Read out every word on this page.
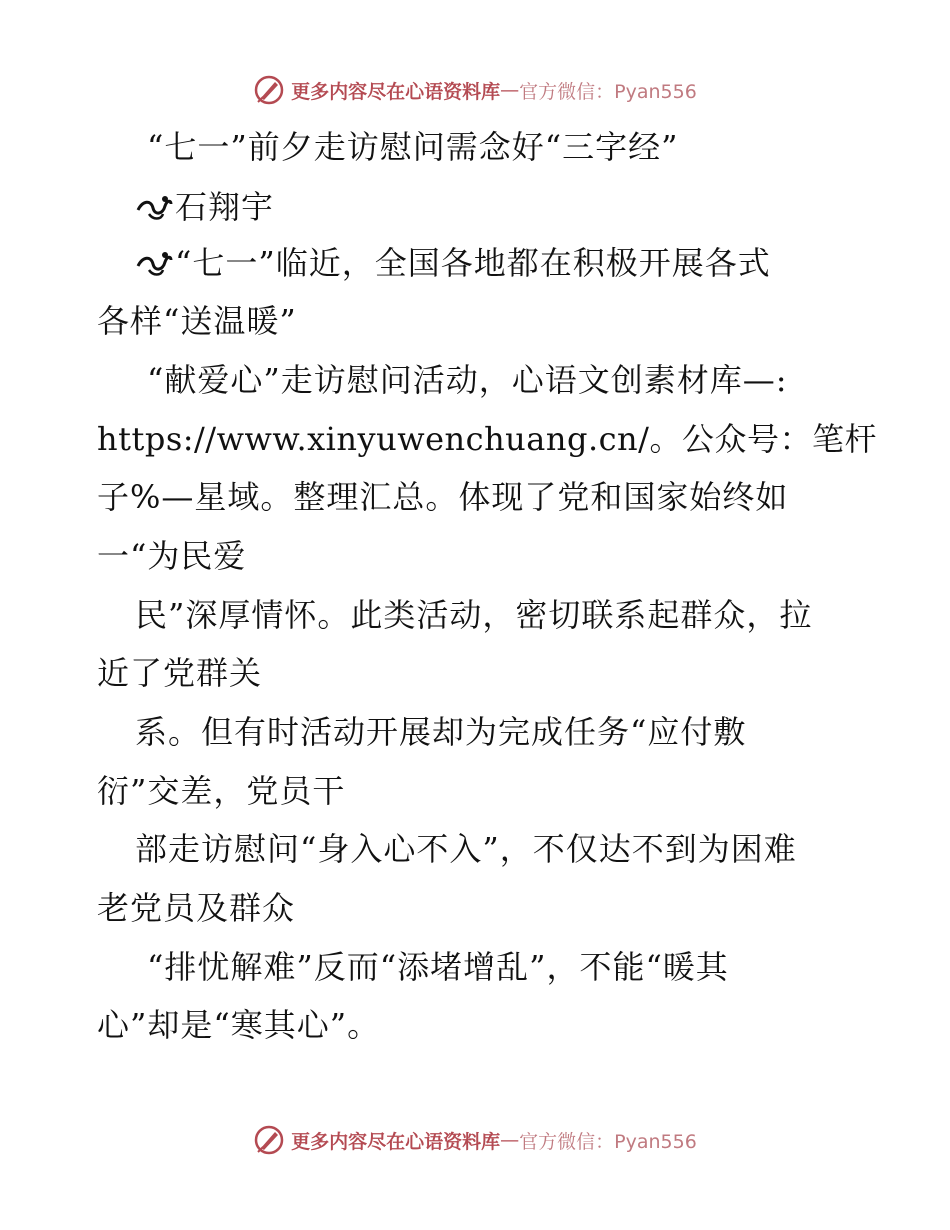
更多内容尽在心语资料库 — 官方微信：Pyan556
“七一”前夕走访慰问需念好“三字经”
石翔宇
“七一”临近，全国各地都在积极开展各式
各样“送温暖”
“献爱心”走访慰问活动，心语文创素材库—:
https://www.xinyuwenchuang.cn/。公众号：笔杆
子%—星域。整理汇总。体现了党和国家始终如
一“为民爱
民”深厚情怀。此类活动，密切联系起群众，拉
近了党群关
系。但有时活动开展却为完成任务“应付敷
衍”交差，党员干
部走访慰问“身入心不入”，不仅达不到为困难
老党员及群众
“排忧解难”反而“添堵增乱”，不能“暖其
心”却是“寒其心”。
更多内容尽在心语资料库 — 官方微信：Pyan556
